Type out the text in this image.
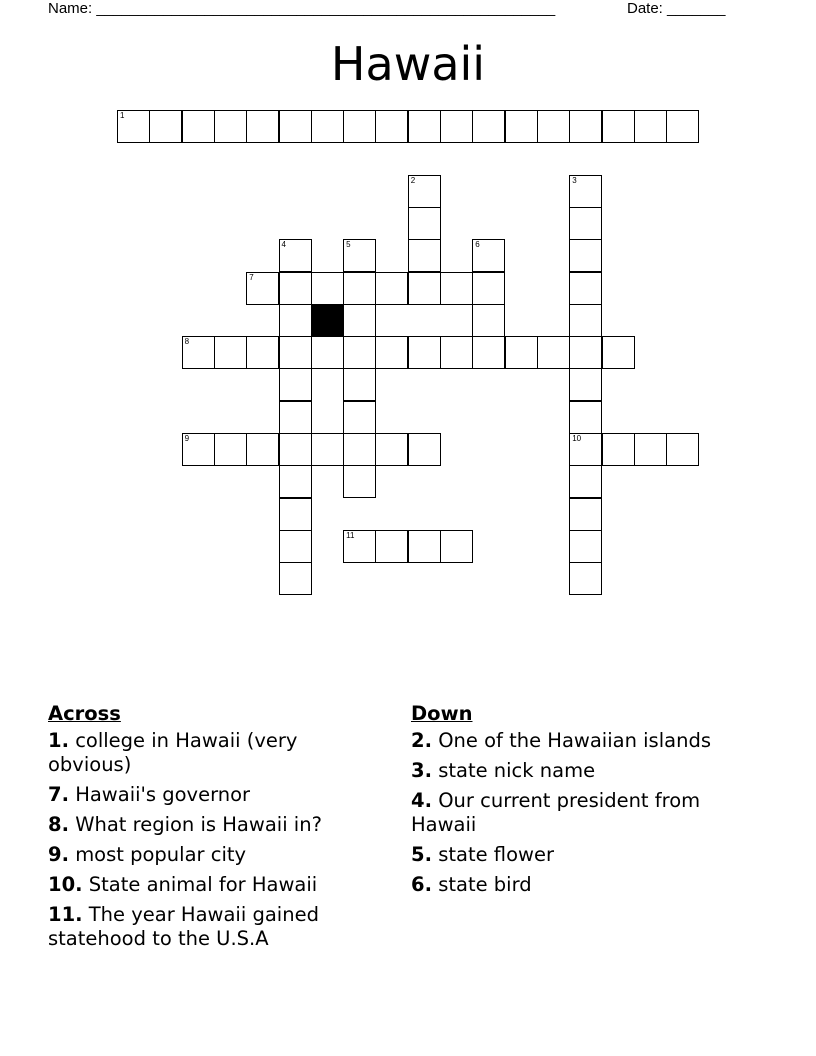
Name: _______________________________________________________	Date: _______
Hawaii
1
2	3
10
4	5	6
7
8
9
11
Across
1. college in Hawaii (very obvious)
7. Hawaii's governor
8. What region is Hawaii in?
9. most popular city
10. State animal for Hawaii
11. The year Hawaii gained statehood to the U.S.A
Down
2. One of the Hawaiian islands
3. state nick name
4. Our current president from Hawaii
5. state flower
6. state bird
